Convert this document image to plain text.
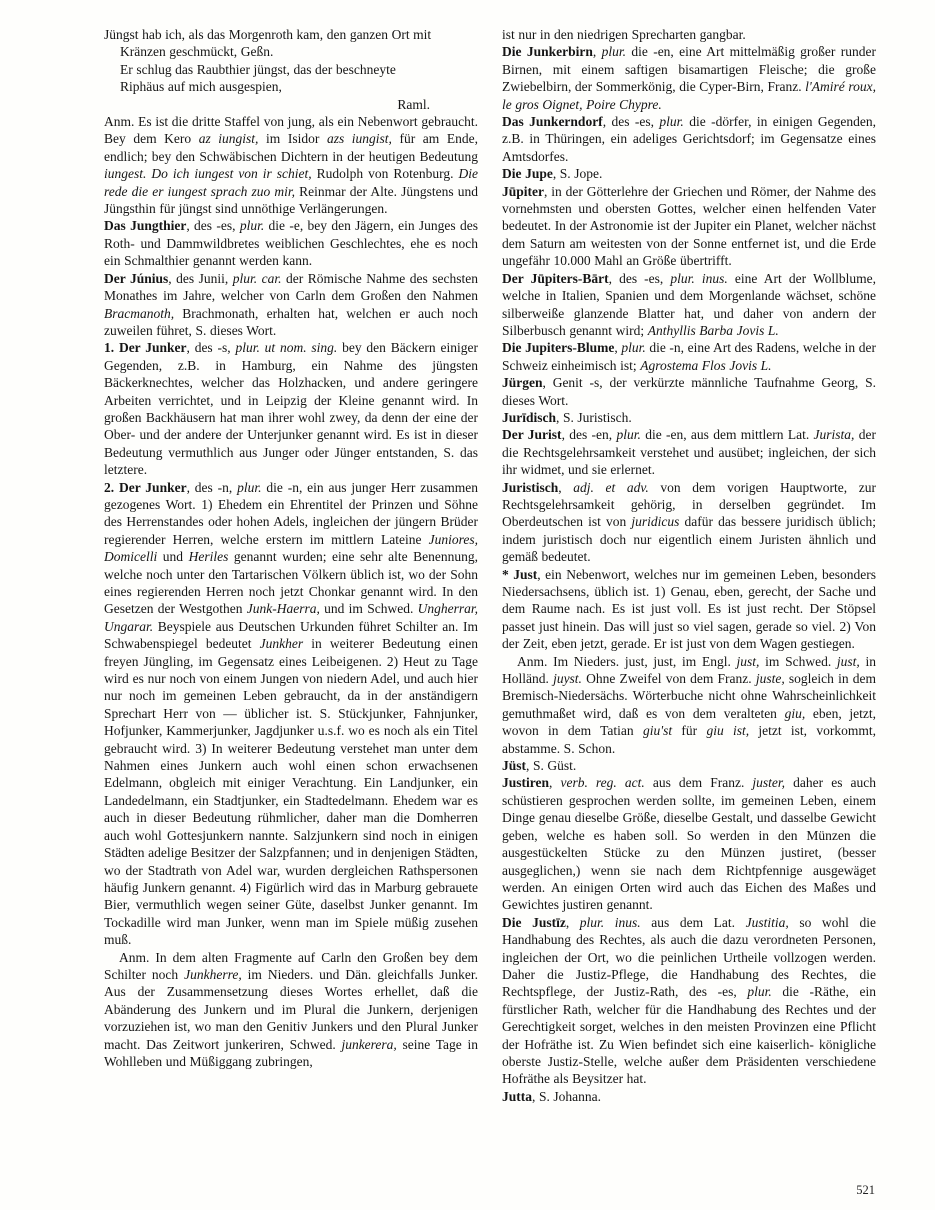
Jüngst hab ich, als das Morgenroth kam, den ganzen Ort mit
Kränzen geschmückt, Geßn.
Er schlug das Raubthier jüngst, das der beschneyte
Riphäus auf mich ausgespien,
Raml.
Anm. Es ist die dritte Staffel von jung, als ein Nebenwort gebraucht. Bey dem Kero az iungist, im Isidor azs iungist, für am Ende, endlich; bey den Schwäbischen Dichtern in der heutigen Bedeutung iungest. Do ich iungest von ir schiet, Rudolph von Rotenburg. Die rede die er iungest sprach zuo mir, Reinmar der Alte. Jüngstens und Jüngsthin für jüngst sind unnöthige Verlängerungen.
Das Jungthier, des -es, plur. die -e, bey den Jägern, ein Junges des Roth- und Dammwildbretes weiblichen Geschlechtes, ehe es noch ein Schmalthier genannt werden kann.
Der Június, des Junii, plur. car. der Römische Nahme des sechsten Monathes im Jahre, welcher von Carln dem Großen den Nahmen Bracmanoth, Brachmonath, erhalten hat, welchen er auch noch zuweilen führet, S. dieses Wort.
1. Der Junker, des -s, plur. ut nom. sing. bey den Bäckern einiger Gegenden, z.B. in Hamburg, ein Nahme des jüngsten Bäckerknechtes, welcher das Holzhacken, und andere geringere Arbeiten verrichtet, und in Leipzig der Kleine genannt wird. In großen Backhäusern hat man ihrer wohl zwey, da denn der eine der Ober- und der andere der Unterjunker genannt wird. Es ist in dieser Bedeutung vermuthlich aus Junger oder Jünger entstanden, S. das letztere.
2. Der Junker, des -n, plur. die -n, ein aus junger Herr zusammen gezogenes Wort. 1) Ehedem ein Ehrentitel der Prinzen und Söhne des Herrenstandes oder hohen Adels, ingleichen der jüngern Brüder regierender Herren, welche erstern im mittlern Lateine Juniores, Domicelli und Heriles genannt wurden; eine sehr alte Benennung, welche noch unter den Tartarischen Völkern üblich ist, wo der Sohn eines regierenden Herren noch jetzt Chonkar genannt wird. In den Gesetzen der Westgothen Junk-Haerra, und im Schwed. Ungherrar, Ungarar. Beyspiele aus Deutschen Urkunden führet Schilter an. Im Schwabenspiegel bedeutet Junkher in weiterer Bedeutung einen freyen Jüngling, im Gegensatz eines Leibeigenen. 2) Heut zu Tage wird es nur noch von einem Jungen von niedern Adel, und auch hier nur noch im gemeinen Leben gebraucht, da in der anständigern Sprechart Herr von — üblicher ist. S. Stückjunker, Fahnjunker, Hofjunker, Kammerjunker, Jagdjunker u.s.f. wo es noch als ein Titel gebraucht wird. 3) In weiterer Bedeutung verstehet man unter dem Nahmen eines Junkern auch wohl einen schon erwachsenen Edelmann, obgleich mit einiger Verachtung. Ein Landjunker, ein Landedelmann, ein Stadtjunker, ein Stadtedelmann. Ehedem war es auch in dieser Bedeutung rühmlicher, daher man die Domherren auch wohl Gottesjunkern nannte. Salzjunkern sind noch in einigen Städten adelige Besitzer der Salzpfannen; und in denjenigen Städten, wo der Stadtrath von Adel war, wurden dergleichen Rathspersonen häufig Junkern genannt. 4) Figürlich wird das in Marburg gebrauete Bier, vermuthlich wegen seiner Güte, daselbst Junker genannt. Im Tockadille wird man Junker, wenn man im Spiele müßig zusehen muß.
Anm. In dem alten Fragmente auf Carln den Großen bey dem Schilter noch Junkherre, im Nieders. und Dän. gleichfalls Junker. Aus der Zusammensetzung dieses Wortes erhellet, daß die Abänderung des Junkern und im Plural die Junkern, derjenigen vorzuziehen ist, wo man den Genitiv Junkers und den Plural Junker macht. Das Zeitwort junkeriren, Schwed. junkerera, seine Tage in Wohlleben und Müßiggang zubringen,
ist nur in den niedrigen Sprecharten gangbar.
Die Junkerbirn, plur. die -en, eine Art mittelmäßig großer runder Birnen, mit einem saftigen bisamartigen Fleische; die große Zwiebelbirn, der Sommerkönig, die Cyper-Birn, Franz. l'Amiré roux, le gros Oignet, Poire Chypre.
Das Junkerndorf, des -es, plur. die -dörfer, in einigen Gegenden, z.B. in Thüringen, ein adeliges Gerichtsdorf; im Gegensatze eines Amtsdorfes.
Die Jupe, S. Jope.
Jūpiter, in der Götterlehre der Griechen und Römer, der Nahme des vornehmsten und obersten Gottes, welcher einen helfenden Vater bedeutet. In der Astronomie ist der Jupiter ein Planet, welcher nächst dem Saturn am weitesten von der Sonne entfernet ist, und die Erde ungefähr 10.000 Mahl an Größe übertrifft.
Der Jūpiters-Bārt, des -es, plur. inus. eine Art der Wollblume, welche in Italien, Spanien und dem Morgenlande wächset, schöne silberweiße glanzende Blatter hat, und daher von andern der Silberbusch genannt wird; Anthyllis Barba Jovis L.
Die Jupiters-Blume, plur. die -n, eine Art des Radens, welche in der Schweiz einheimisch ist; Agrostema Flos Jovis L.
Jürgen, Genit -s, der verkürzte männliche Taufnahme Georg, S. dieses Wort.
Jurīdisch, S. Juristisch.
Der Jurist, des -en, plur. die -en, aus dem mittlern Lat. Jurista, der die Rechtsgelehrsamkeit verstehet und ausübet; ingleichen, der sich ihr widmet, und sie erlernet.
Juristisch, adj. et adv. von dem vorigen Hauptworte, zur Rechtsgelehrsamkeit gehörig, in derselben gegründet. Im Oberdeutschen ist von juridicus dafür das bessere juridisch üblich; indem juristisch doch nur eigentlich einem Juristen ähnlich und gemäß bedeutet.
* Just, ein Nebenwort, welches nur im gemeinen Leben, besonders Niedersachsens, üblich ist. 1) Genau, eben, gerecht, der Sache und dem Raume nach. Es ist just voll. Es ist just recht. Der Stöpsel passet just hinein. Das will just so viel sagen, gerade so viel. 2) Von der Zeit, eben jetzt, gerade. Er ist just von dem Wagen gestiegen.
Anm. Im Nieders. just, just, im Engl. just, im Schwed. just, in Holländ. juyst. Ohne Zweifel von dem Franz. juste, sogleich in dem Bremisch-Niedersächs. Wörterbuche nicht ohne Wahrscheinlichkeit gemuthmaßet wird, daß es von dem veralteten giu, eben, jetzt, wovon in dem Tatian giu'st für giu ist, jetzt ist, vorkommt, abstamme. S. Schon.
Jüst, S. Güst.
Justiren, verb. reg. act. aus dem Franz. juster, daher es auch schüstieren gesprochen werden sollte, im gemeinen Leben, einem Dinge genau dieselbe Größe, dieselbe Gestalt, und dasselbe Gewicht geben, welche es haben soll. So werden in den Münzen die ausgestückelten Stücke zu den Münzen justiret, (besser ausgeglichen,) wenn sie nach dem Richtpfennige ausgewäget werden. An einigen Orten wird auch das Eichen des Maßes und Gewichtes justiren genannt.
Die Justīz, plur. inus. aus dem Lat. Justitia, so wohl die Handhabung des Rechtes, als auch die dazu verordneten Personen, ingleichen der Ort, wo die peinlichen Urtheile vollzogen werden. Daher die Justiz-Pflege, die Handhabung des Rechtes, die Rechtspflege, der Justiz-Rath, des -es, plur. die -Räthe, ein fürstlicher Rath, welcher für die Handhabung des Rechtes und der Gerechtigkeit sorget, welches in den meisten Provinzen eine Pflicht der Hofräthe ist. Zu Wien befindet sich eine kaiserlich- königliche oberste Justiz-Stelle, welche außer dem Präsidenten verschiedene Hofräthe als Beysitzer hat.
Jutta, S. Johanna.
521
